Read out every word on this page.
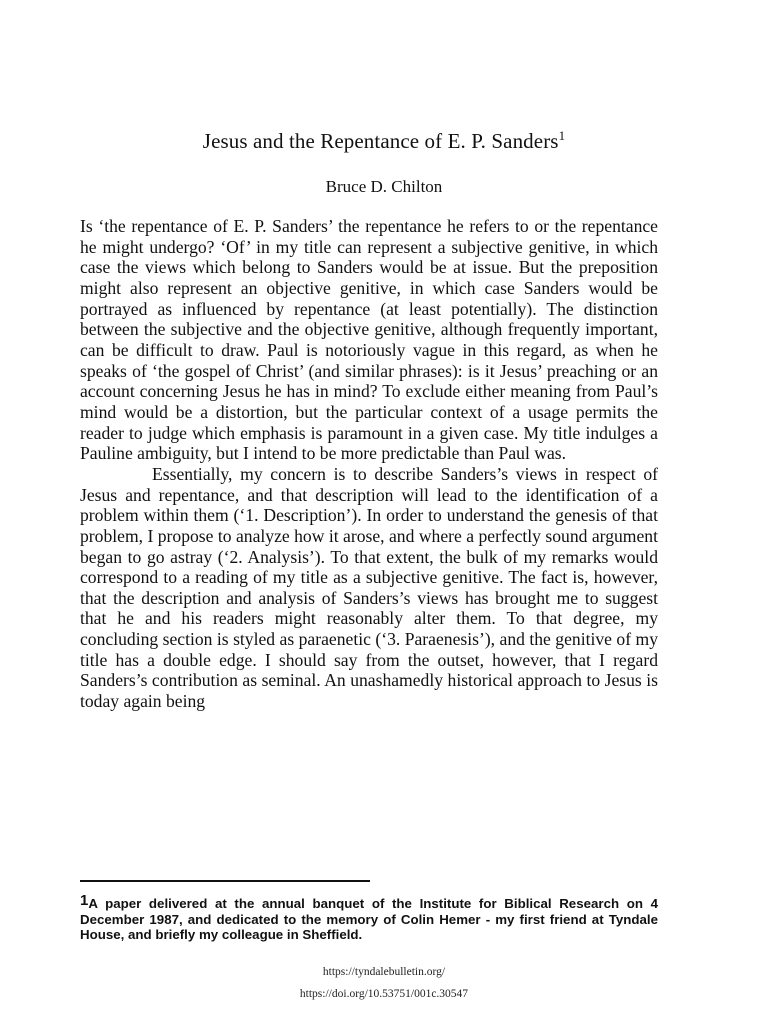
Jesus and the Repentance of E. P. Sanders$^1$
Bruce D. Chilton

Is ‘the repentance of E. P. Sanders’ the repentance he refers to or the repentance he might undergo? ‘Of’ in my title can represent a subjective genitive, in which case the views which belong to Sanders would be at issue. But the preposition might also represent an objective genitive, in which case Sanders would be portrayed as influenced by repentance (at least potentially). The distinction between the subjective and the objective genitive, although frequently important, can be difficult to draw. Paul is notoriously vague in this regard, as when he speaks of ‘the gospel of Christ’ (and similar phrases): is it Jesus’ preaching or an account concerning Jesus he has in mind? To exclude either meaning from Paul’s mind would be a distortion, but the particular context of a usage permits the reader to judge which emphasis is paramount in a given case. My title indulges a Pauline ambiguity, but I intend to be more predictable than Paul was.

Essentially, my concern is to describe Sanders’s views in respect of Jesus and repentance, and that description will lead to the identification of a problem within them (‘1. Description’). In order to understand the genesis of that problem, I propose to analyze how it arose, and where a perfectly sound argument began to go astray (‘2. Analysis’). To that extent, the bulk of my remarks would correspond to a reading of my title as a subjective genitive. The fact is, however, that the description and analysis of Sanders’s views has brought me to suggest that he and his readers might reasonably alter them. To that degree, my concluding section is styled as paraenetic (‘3. Paraenesis’), and the genitive of my title has a double edge. I should say from the outset, however, that I regard Sanders’s contribution as seminal. An unashamedly historical approach to Jesus is today again being

$^1$A paper delivered at the annual banquet of the Institute for Biblical Research on 4 December 1987, and dedicated to the memory of Colin Hemer - my first friend at Tyndale House, and briefly my colleague in Sheffield.
https://tyndalebulletin.org/
https://doi.org/10.53751/001c.30547
